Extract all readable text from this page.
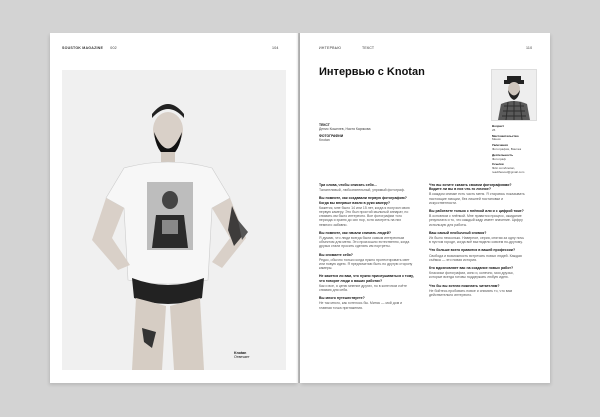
SOUSTOK MAGAZINE 002	104
Knotan
Отвечает
ИНТЕРВЬЮ	ТЕКСТ	110
Интервью с Knotan
ТЕКСТ
Денис Кошелев, Настя Карикова
ФОТОГРАФИИ
Knotan
Возраст
26
Местожительство
Минск
Увлечения
Фотография, Винтаж
Деятельность
Фотограф
Ссылки
flickr.com/knotan, readthesoul@gmail.com

Три слова, чтобы описать себя…

Талантливый, любознательный, упрямый фотограф.

Вы помните, как создавали первую фотографию? Когда вы впервые взяли в руки камеру?

Кажется, мне было 14 или 15 лет, когда я получил свою первую камеру. Это был простой мыльный аппарат, но снимать им было интересно. Все фотографии того периода я храню до сих пор, хотя смотреть на них немного забавно.

Вы помните, как начали снимать людей?

Я думаю, что люди всегда были самым интересным объектом для меня. Это произошло естественно, когда друзья стали просить сделать им портреты.

Вы снимаете себя?

Редко, обычно только когда нужно протестировать свет или новую идею. Я предпочитаю быть по другую сторону камеры.

Не кажется ли вам, что нужно прислушиваться к тому, что говорят люди о ваших работах?

Как и все, я ценю мнение других, но в конечном счёте снимаю для себя.

Вы много путешествуете?

Не так много, как хотелось бы. Минск — мой дом и главная точка притяжения.

Что вы хотите сказать своими фотографиями? Видите ли вы в них что-то личное?

В каждом снимке есть часть меня. Я стараюсь показывать настоящие эмоции, без лишней постановки и искусственности.

Вы работаете только с плёнкой или и с цифрой тоже?

В основном с плёнкой. Мне нравится процесс, ожидание результата и то, что каждый кадр имеет значение. Цифру использую для работы.

Ваш самый необычный снимок?

Их было несколько. Наверное, серия, снятая за одну ночь в пустом городе, когда всё выглядело совсем по-другому.

Что больше всего нравится в вашей профессии?

Свобода и возможность встречать новых людей. Каждая съёмка — это новая история.

Кто вдохновляет вас на создание новых работ?

Классики фотографии, кино и, конечно, мои друзья, которые всегда готовы поддержать любую идею.

Что бы вы хотели пожелать читателям?

Не бойтесь пробовать новое и снимать то, что вам действительно интересно.
